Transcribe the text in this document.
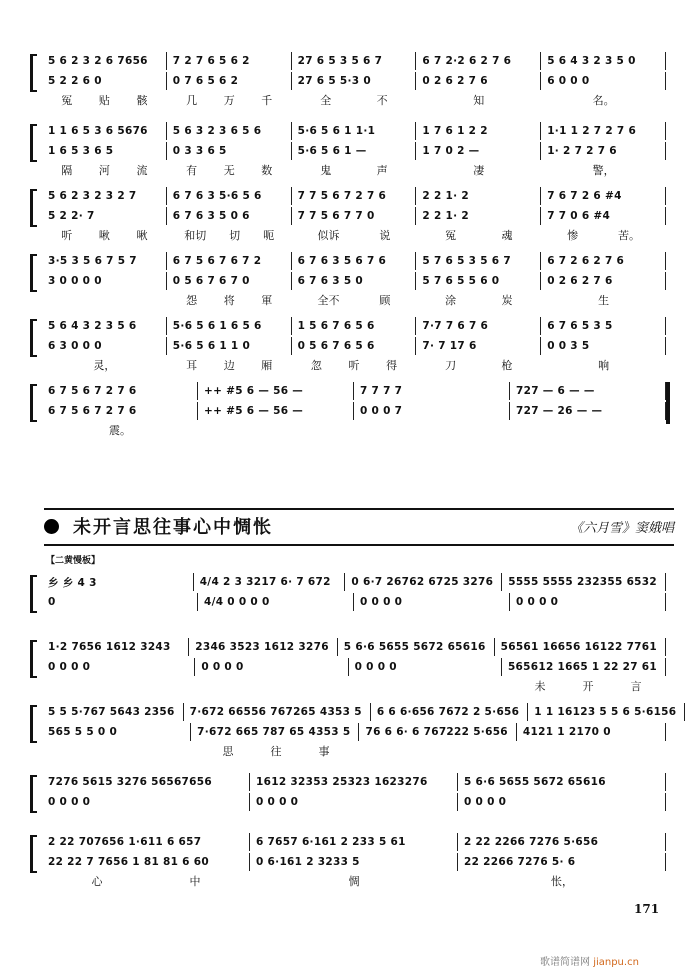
5 6 2 3 2 6 7656	7 2 7 6 5 6 2	27 6 5 3 5 6 7	6 7 2·2 6 2 7 6	5 6 4 3 2 3 5 0
5 2 2 6 0	0 7 6 5 6 2	27 6 5 5·3 0	0 2 6 2 7 6	6 0 0 0
冤 贴 骸	几 万 千	全	不	知	名。
1 1 6 5 3 6 5676	5 6 3 2 3 6 5 6	5·6 5 6 1 1·1	1 7 6 1 2 2	1·1 1 2 7 2 7 6
1 6 5 3 6 5	0 3 3 6 5	5·6 5 6 1 —	1 7 0 2 —	1· 2 7 2 7 6
隔 河 流	有 无 数	鬼	声	凄	警，
5 6 2 3 2 3 2 7	6 7 6 3 5·6 5 6	7 7 5 6 7 2 7 6	2 2 1· 2	7 6 7 2 6 #4
5 2 2· 7	6 7 6 3 5 0 6	7 7 5 6 7 7 0	2 2 1· 2	7 7 0 6 #4
听 啾 啾	和切 切 呃	似诉	说	冤	魂	惨	苦。
3·5 3 5 6 7 5 7	6 7 5 6 7 6 7 2	6 7 6 3 5 6 7 6	5 7 6 5 3 5 6 7	6 7 2 6 2 7 6
3 0 0 0 0	0 5 6 7 6 7 0	6 7 6 3 5 0	5 7 6 5 5 6 0	0 2 6 2 7 6
怨 将 軍	全不	顾	涂	炭	生
5 6 4 3 2 3 5 6	5·6 5 6 1 6 5 6	1 5 6 7 6 5 6	7·7 7 6 7 6	6 7 6 5 3 5
6 3 0 0 0	5·6 5 6 1 1 0	0 5 6 7 6 5 6	7· 7 17 6	0 0 3 5
灵，	耳 边 厢	忽 听 得	刀	枪	响
6 7 5 6 7 2 7 6	++ #5 6 — 56 —	7 7 7 7	727 — 6 — —
6 7 5 6 7 2 7 6	++ #5 6 — 56 —	0 0 0 7	727 — 26 — —
震。
乡 乡 4 3	4/4 2 3 3217 6· 7 672	0 6·7 26762 6725 3276	5555 5555 232355 6532
0	4/4 0 0 0 0	0 0 0 0	0 0 0 0
1·2 7656 1612 3243	2346 3523 1612 3276	5 6·6 5655 5672 65616	56561 16656 16122 7761
0 0 0 0	0 0 0 0	0 0 0 0	565612 1665 1 22 27 61
未	开	言
5 5 5·767 5643 2356	7·672 66556 767265 4353 5	6 6 6·656 7672 2 5·656	1 1 16123 5 5 6 5·6156
565 5 5 0 0	7·672 665 787 65 4353 5	76 6 6· 6 767222 5·656	4121 1 2170 0
思	往	事
7276 5615 3276 56567656	1612 32353 25323 1623276	5 6·6 5655 5672 65616
0 0 0 0	0 0 0 0	0 0 0 0
2 22 707656 1·611 6 657	6 7657 6·161 2 233 5 61	2 22 2266 7276 5·656
22 22 7 7656 1 81 81 6 60	0 6·161 2 3233 5	22 2266 7276 5· 6
心	中	惆	怅，
未开言思往事心中惆怅	《六月雪》窦娥唱
【二黄慢板】
171
歌谱简谱网 jianpu.cn
